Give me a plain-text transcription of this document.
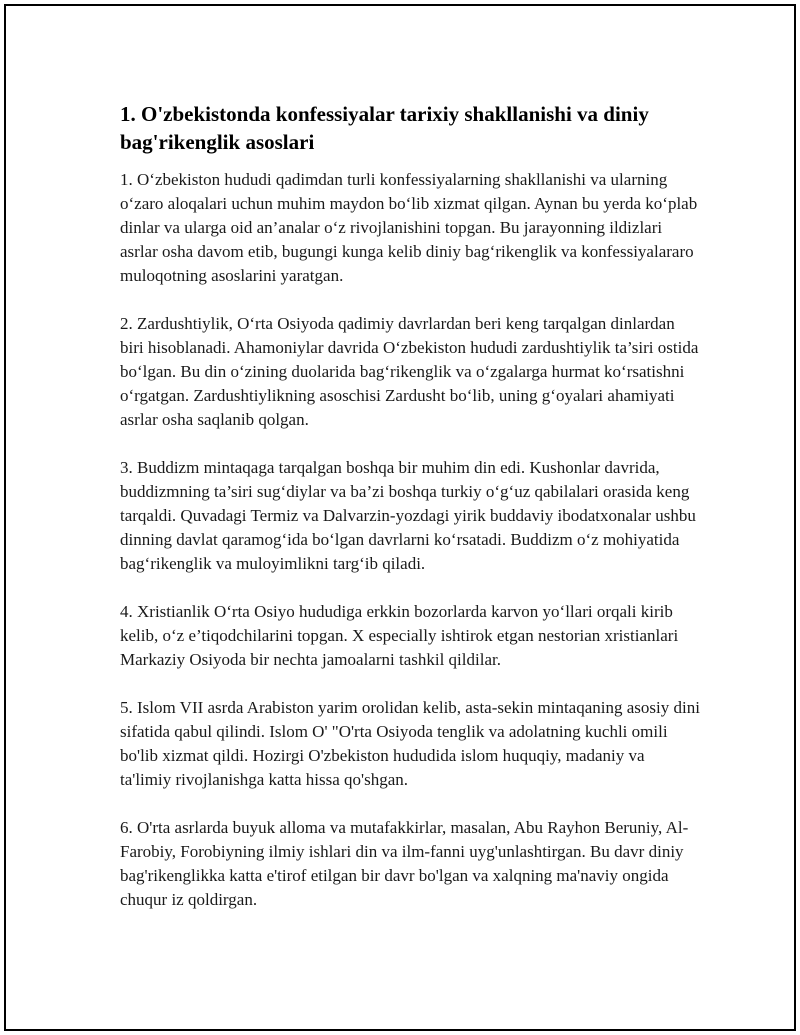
1. O'zbekistonda konfessiyalar tarixiy shakllanishi va diniy bag'rikenglik asoslari

1. O‘zbekiston hududi qadimdan turli konfessiyalarning shakllanishi va ularning o‘zaro aloqalari uchun muhim maydon bo‘lib xizmat qilgan. Aynan bu yerda ko‘plab dinlar va ularga oid an’analar o‘z rivojlanishini topgan. Bu jarayonning ildizlari asrlar osha davom etib, bugungi kunga kelib diniy bag‘rikenglik va konfessiyalararo muloqotning asoslarini yaratgan.

2. Zardushtiylik, O‘rta Osiyoda qadimiy davrlardan beri keng tarqalgan dinlardan biri hisoblanadi. Ahamoniylar davrida O‘zbekiston hududi zardushtiylik ta’siri ostida bo‘lgan. Bu din o‘zining duolarida bag‘rikenglik va o‘zgalarga hurmat ko‘rsatishni o‘rgatgan. Zardushtiylikning asoschisi Zardusht bo‘lib, uning g‘oyalari ahamiyati asrlar osha saqlanib qolgan.

3. Buddizm mintaqaga tarqalgan boshqa bir muhim din edi. Kushonlar davrida, buddizmning ta’siri sug‘diylar va ba’zi boshqa turkiy o‘g‘uz qabilalari orasida keng tarqaldi. Quvadagi Termiz va Dalvarzin-yozdagi yirik buddaviy ibodatxonalar ushbu dinning davlat qaramog‘ida bo‘lgan davrlarni ko‘rsatadi. Buddizm o‘z mohiyatida bag‘rikenglik va muloyimlikni targ‘ib qiladi.

4. Xristianlik O‘rta Osiyo hududiga erkkin bozorlarda karvon yo‘llari orqali kirib kelib, o‘z e’tiqodchilarini topgan. X especially ishtirok etgan nestorian xristianlari Markaziy Osiyoda bir nechta jamoalarni tashkil qildilar.

5. Islom VII asrda Arabiston yarim orolidan kelib, asta-sekin mintaqaning asosiy dini sifatida qabul qilindi. Islom O' "O'rta Osiyoda tenglik va adolatning kuchli omili bo'lib xizmat qildi. Hozirgi O'zbekiston hududida islom huquqiy, madaniy va ta'limiy rivojlanishga katta hissa qo'shgan.

6. O'rta asrlarda buyuk alloma va mutafakkirlar, masalan, Abu Rayhon Beruniy, Al-Farobiy, Forobiyning ilmiy ishlari din va ilm-fanni uyg'unlashtirgan. Bu davr diniy bag'rikenglikka katta e'tirof etilgan bir davr bo'lgan va xalqning ma'naviy ongida chuqur iz qoldirgan.
